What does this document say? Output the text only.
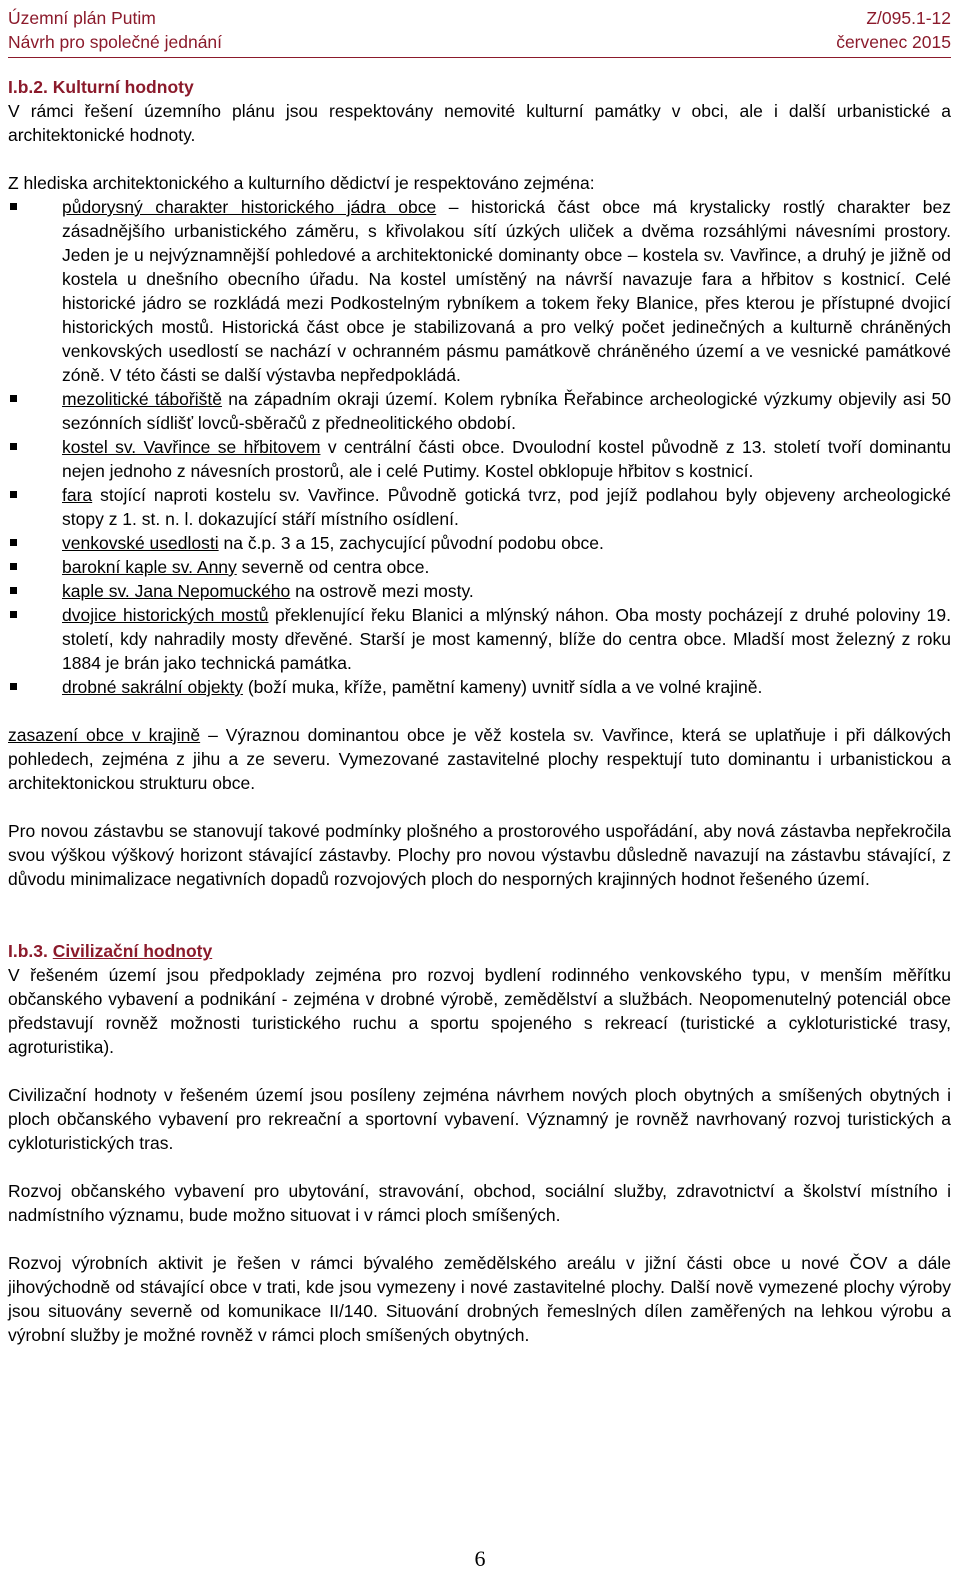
Územní plán Putim	Z/095.1-12
Návrh pro společné jednání	červenec 2015
I.b.2. Kulturní hodnoty

V rámci řešení územního plánu jsou respektovány nemovité kulturní památky v obci, ale i další urbanistické a architektonické hodnoty.

Z hlediska architektonického a kulturního dědictví je respektováno zejména:

půdorysný charakter historického jádra obce – historická část obce má krystalicky rostlý charakter bez zásadnějšího urbanistického záměru, s křivolakou sítí úzkých uliček a dvěma rozsáhlými návesními prostory. Jeden je u nejvýznamnější pohledové a architektonické dominanty obce – kostela sv. Vavřince, a druhý je jižně od kostela u dnešního obecního úřadu. Na kostel umístěný na návrší navazuje fara a hřbitov s kostnicí. Celé historické jádro se rozkládá mezi Podkostelným rybníkem a tokem řeky Blanice, přes kterou je přístupné dvojicí historických mostů. Historická část obce je stabilizovaná a pro velký počet jedinečných a kulturně chráněných venkovských usedlostí se nachází v ochranném pásmu památkově chráněného území a ve vesnické památkové zóně. V této části se další výstavba nepředpokládá.
mezolitické tábořiště na západním okraji území. Kolem rybníka Řeřabince archeologické výzkumy objevily asi 50 sezónních sídlišť lovců-sběračů z předneolitického období.
kostel sv. Vavřince se hřbitovem v centrální části obce. Dvoulodní kostel původně z 13. století tvoří dominantu nejen jednoho z návesních prostorů, ale i celé Putimy. Kostel obklopuje hřbitov s kostnicí.
fara stojící naproti kostelu sv. Vavřince. Původně gotická tvrz, pod jejíž podlahou byly objeveny archeologické stopy z 1. st. n. l. dokazující stáří místního osídlení.
venkovské usedlosti na č.p. 3 a 15, zachycující původní podobu obce.
barokní kaple sv. Anny severně od centra obce.
kaple sv. Jana Nepomuckého na ostrově mezi mosty.
dvojice historických mostů překlenující řeku Blanici a mlýnský náhon. Oba mosty pocházejí z druhé poloviny 19. století, kdy nahradily mosty dřevěné. Starší je most kamenný, blíže do centra obce. Mladší most železný z roku 1884 je brán jako technická památka.
drobné sakrální objekty (boží muka, kříže, pamětní kameny) uvnitř sídla a ve volné krajině.

zasazení obce v krajině – Výraznou dominantou obce je věž kostela sv. Vavřince, která se uplatňuje i při dálkových pohledech, zejména z jihu a ze severu. Vymezované zastavitelné plochy respektují tuto dominantu i urbanistickou a architektonickou strukturu obce.

Pro novou zástavbu se stanovují takové podmínky plošného a prostorového uspořádání, aby nová zástavba nepřekročila svou výškou výškový horizont stávající zástavby. Plochy pro novou výstavbu důsledně navazují na zástavbu stávající, z důvodu minimalizace negativních dopadů rozvojových ploch do nesporných krajinných hodnot řešeného území.

I.b.3. Civilizační hodnoty

V řešeném území jsou předpoklady zejména pro rozvoj bydlení rodinného venkovského typu, v menším měřítku občanského vybavení a podnikání - zejména v drobné výrobě, zemědělství a službách. Neopomenutelný potenciál obce představují rovněž možnosti turistického ruchu a sportu spojeného s rekreací (turistické a cykloturistické trasy, agroturistika).

Civilizační hodnoty v řešeném území jsou posíleny zejména návrhem nových ploch obytných a smíšených obytných i ploch občanského vybavení pro rekreační a sportovní vybavení. Významný je rovněž navrhovaný rozvoj turistických a cykloturistických tras.

Rozvoj občanského vybavení pro ubytování, stravování, obchod, sociální služby, zdravotnictví a školství místního i nadmístního významu, bude možno situovat i v rámci ploch smíšených.

Rozvoj výrobních aktivit je řešen v rámci bývalého zemědělského areálu v jižní části obce u nové ČOV a dále jihovýchodně od stávající obce v trati, kde jsou vymezeny i nové zastavitelné plochy. Další nově vymezené plochy výroby jsou situovány severně od komunikace II/140. Situování drobných řemeslných dílen zaměřených na lehkou výrobu a výrobní služby je možné rovněž v rámci ploch smíšených obytných.

6
